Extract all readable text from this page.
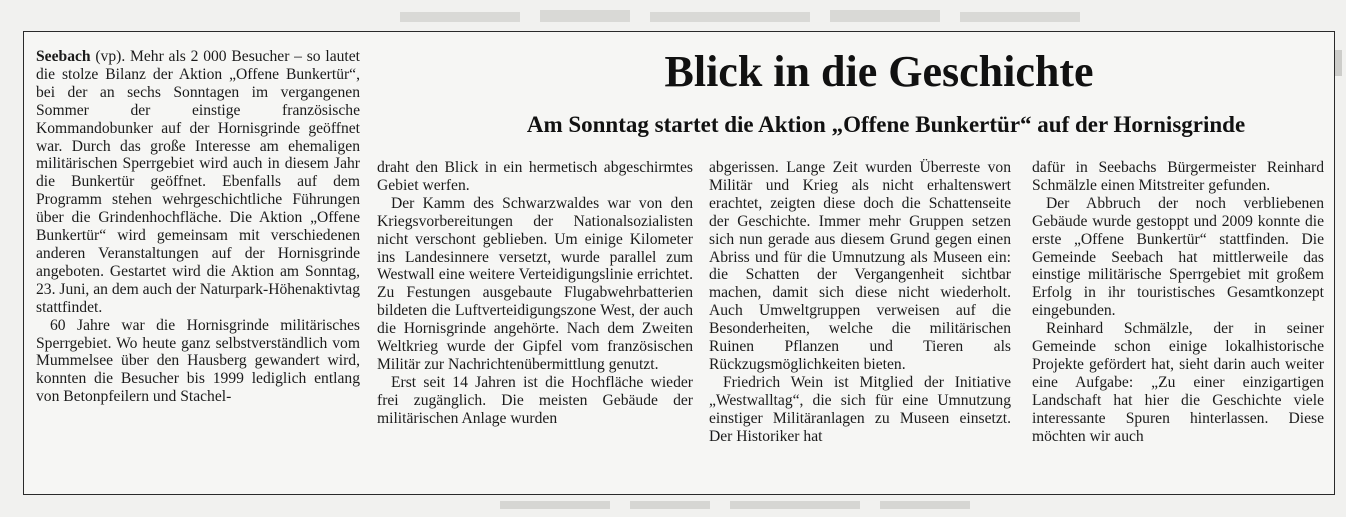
Blick in die Geschichte
Am Sonntag startet die Aktion „Offene Bunkertür“ auf der Hornisgrinde

Seebach (vp). Mehr als 2 000 Besucher – so lautet die stolze Bilanz der Aktion „Offene Bunkertür“, bei der an sechs Sonntagen im vergangenen Sommer der einstige französische Kommandobunker auf der Hornisgrinde geöffnet war. Durch das große Interesse am ehemaligen militärischen Sperrgebiet wird auch in diesem Jahr die Bunkertür geöffnet. Ebenfalls auf dem Programm stehen wehrgeschichtliche Führungen über die Grindenhochfläche. Die Aktion „Offene Bunkertür“ wird gemeinsam mit verschiedenen anderen Veranstaltungen auf der Hornisgrinde angeboten. Gestartet wird die Aktion am Sonntag, 23. Juni, an dem auch der Naturpark-Höhenaktivtag stattfindet.

60 Jahre war die Hornisgrinde militärisches Sperrgebiet. Wo heute ganz selbstverständlich vom Mummelsee über den Hausberg gewandert wird, konnten die Besucher bis 1999 lediglich entlang von Betonpfeilern und Stachel-

draht den Blick in ein hermetisch abgeschirmtes Gebiet werfen.

Der Kamm des Schwarzwaldes war von den Kriegsvorbereitungen der Nationalsozialisten nicht verschont geblieben. Um einige Kilometer ins Landesinnere versetzt, wurde parallel zum Westwall eine weitere Verteidigungslinie errichtet. Zu Festungen ausgebaute Flugabwehrbatterien bildeten die Luftverteidigungszone West, der auch die Hornisgrinde angehörte. Nach dem Zweiten Weltkrieg wurde der Gipfel vom französischen Militär zur Nachrichtenübermittlung genutzt.

Erst seit 14 Jahren ist die Hochfläche wieder frei zugänglich. Die meisten Gebäude der militärischen Anlage wurden

abgerissen. Lange Zeit wurden Überreste von Militär und Krieg als nicht erhaltenswert erachtet, zeigten diese doch die Schattenseite der Geschichte. Immer mehr Gruppen setzen sich nun gerade aus diesem Grund gegen einen Abriss und für die Umnutzung als Museen ein: die Schatten der Vergangenheit sichtbar machen, damit sich diese nicht wiederholt. Auch Umweltgruppen verweisen auf die Besonderheiten, welche die militärischen Ruinen Pflanzen und Tieren als Rückzugsmöglichkeiten bieten.

Friedrich Wein ist Mitglied der Initiative „Westwalltag“, die sich für eine Umnutzung einstiger Militäranlagen zu Museen einsetzt. Der Historiker hat

dafür in Seebachs Bürgermeister Reinhard Schmälzle einen Mitstreiter gefunden.

Der Abbruch der noch verbliebenen Gebäude wurde gestoppt und 2009 konnte die erste „Offene Bunkertür“ stattfinden. Die Gemeinde Seebach hat mittlerweile das einstige militärische Sperrgebiet mit großem Erfolg in ihr touristisches Gesamtkonzept eingebunden.

Reinhard Schmälzle, der in seiner Gemeinde schon einige lokalhistorische Projekte gefördert hat, sieht darin auch weiter eine Aufgabe: „Zu einer einzigartigen Landschaft hat hier die Geschichte viele interessante Spuren hinterlassen. Diese möchten wir auch
